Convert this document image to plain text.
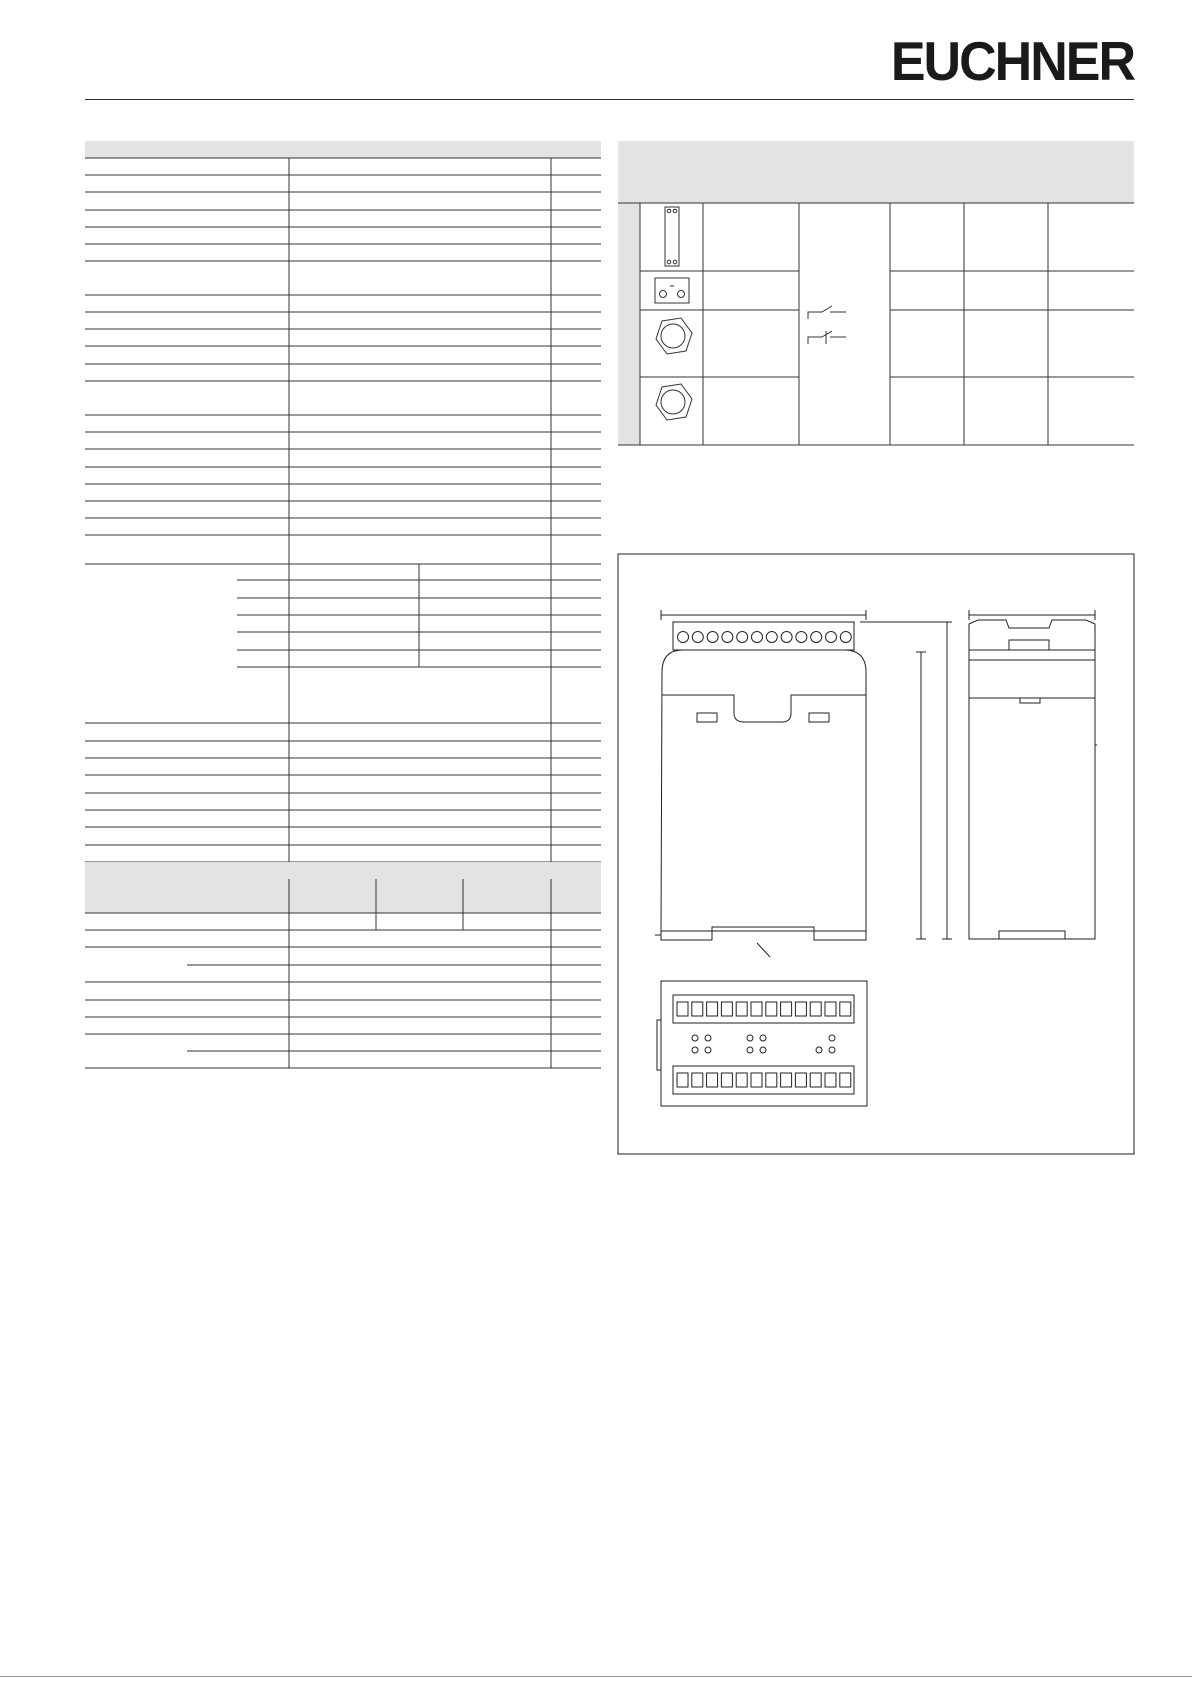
EUCHNER
